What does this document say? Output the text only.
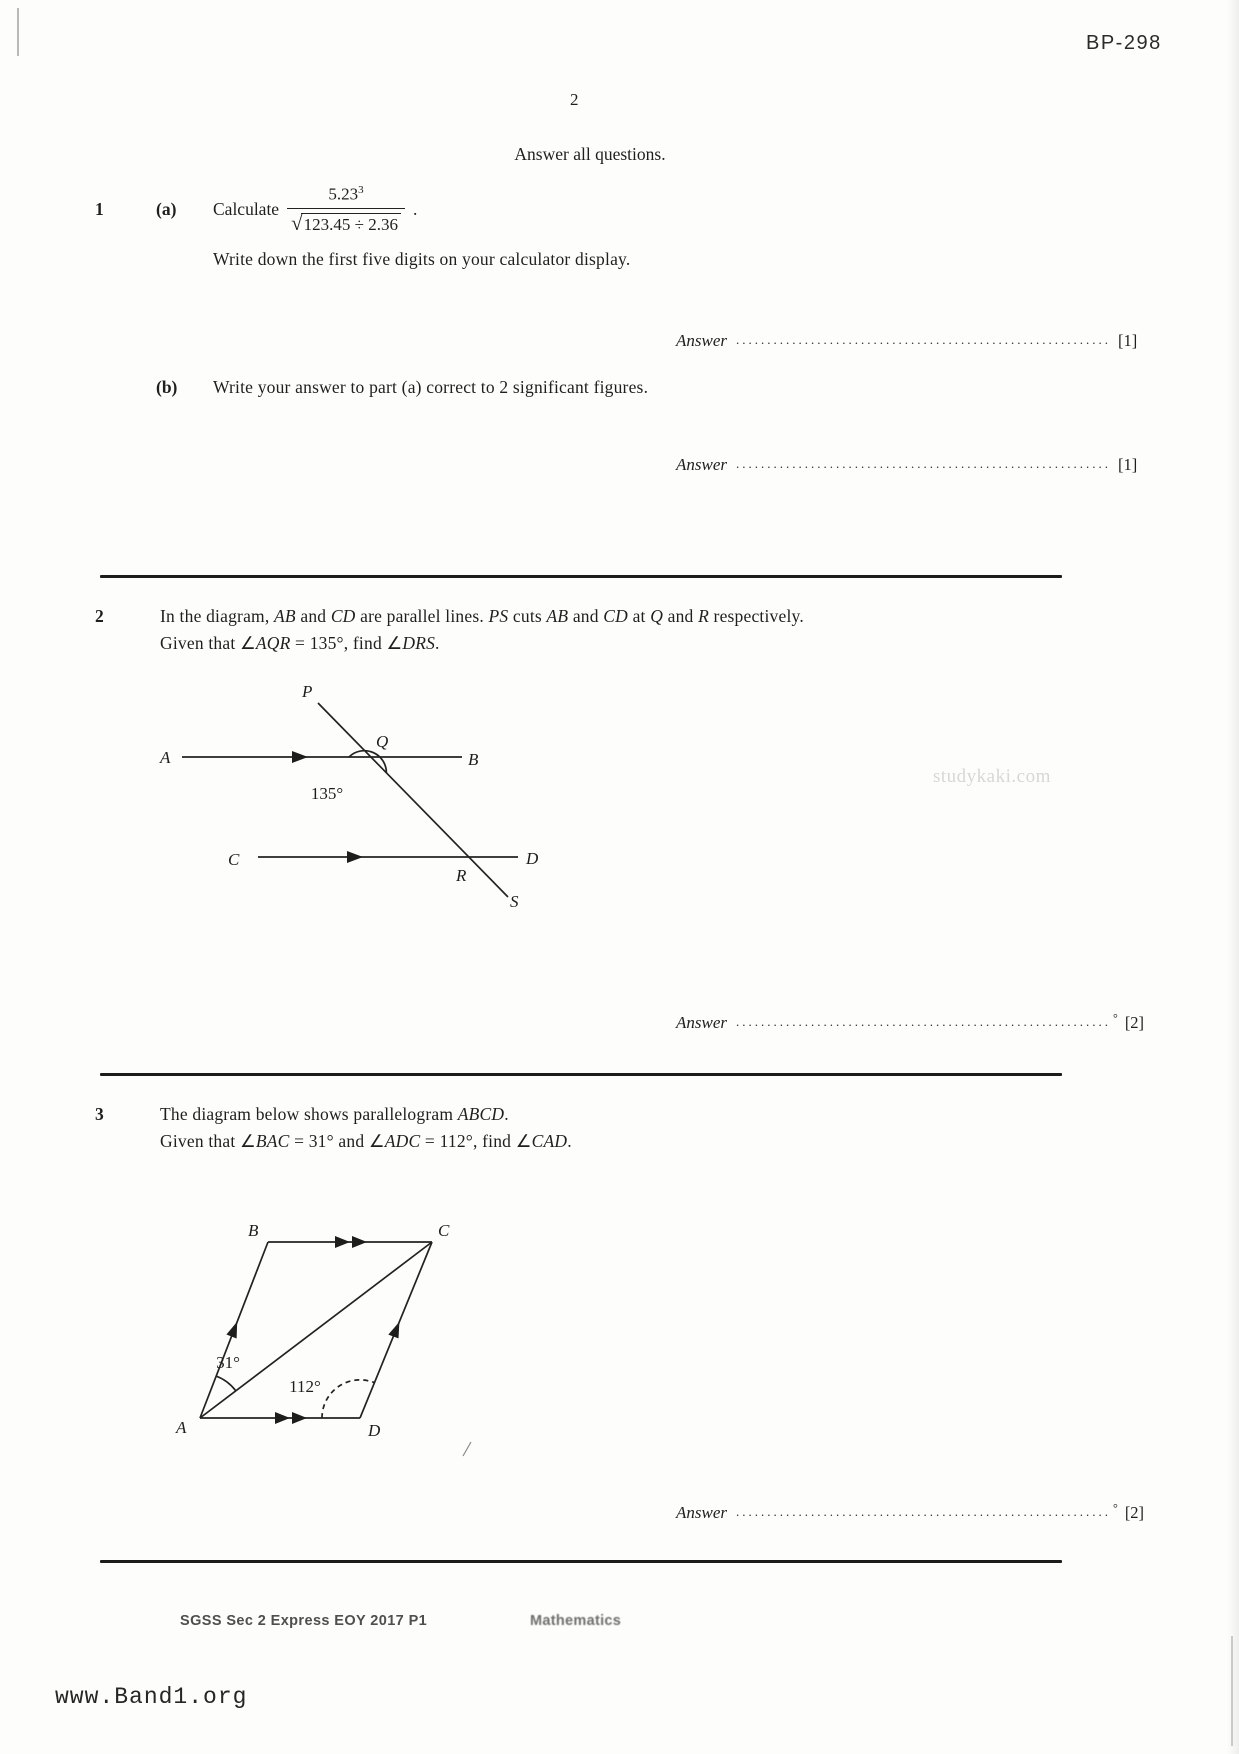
BP-298
2
Answer all questions.
1	(a) Calculate $\frac{5.23^3}{√ 123.45 \div 2.36}$ .
Write down the first five digits on your calculator display.
Answer ............................................................ [1]
(b) Write your answer to part (a) correct to 2 significant figures.
Answer ............................................................ [1]
2	In the diagram, AB and CD are parallel lines. PS cuts AB and CD at Q and R respectively.
Given that ∠AQR = 135°, find ∠DRS.
P
A	B
Q
C	D
R
S
135°
studykaki.com
Answer ............................................................ ° [2]
3	The diagram below shows parallelogram ABCD.
Given that ∠BAC = 31° and ∠ADC = 112°, find ∠CAD.
B	C
A	D
31°
112°
Answer ............................................................ ° [2]
SGSS Sec 2 Express EOY 2017 P1	Mathematics
www.Band1.org
